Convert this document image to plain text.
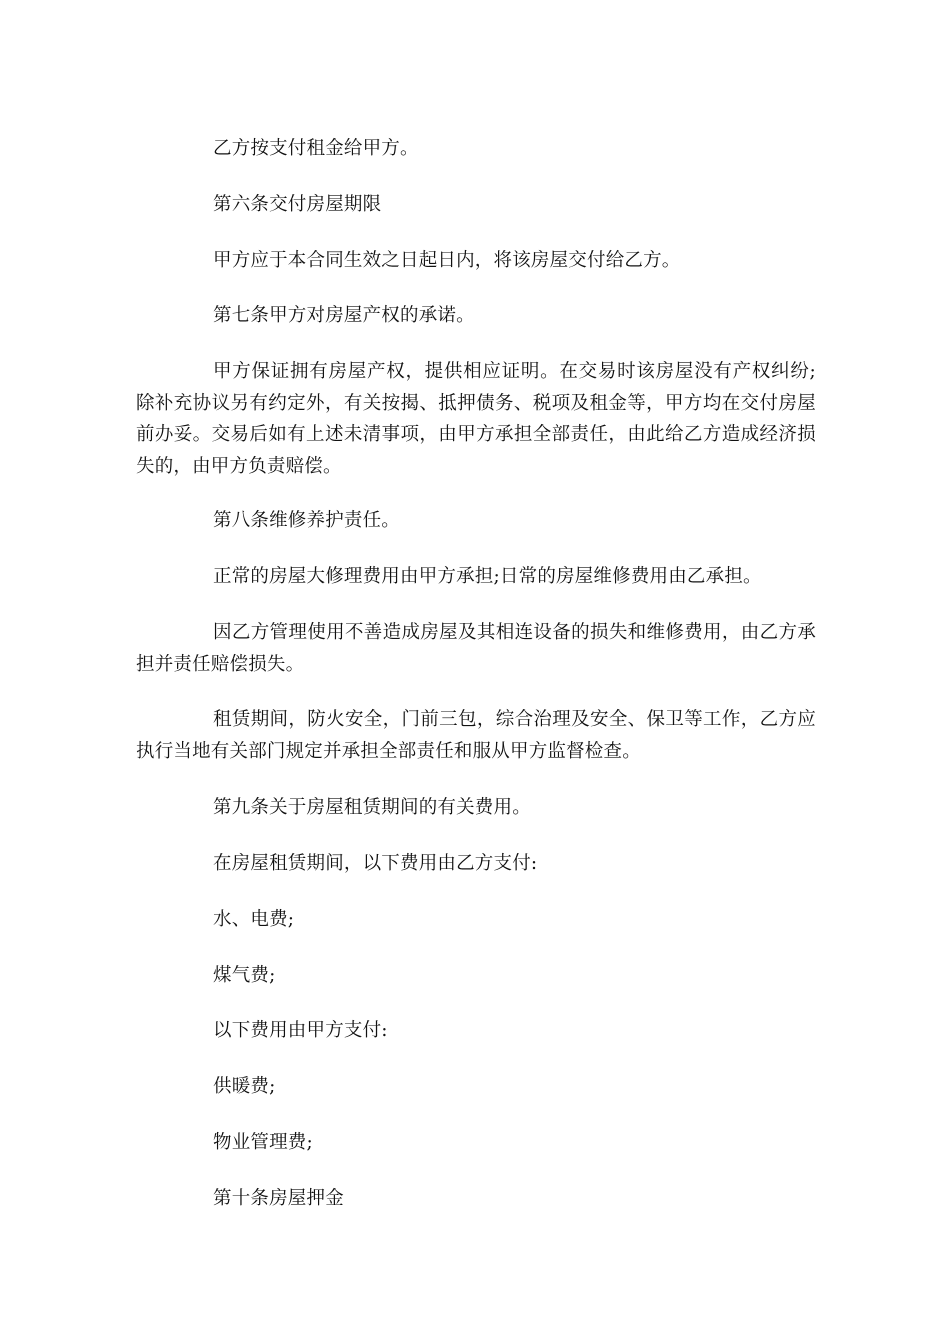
乙方按支付租金给甲方。

第六条交付房屋期限

甲方应于本合同生效之日起日内，将该房屋交付给乙方。

第七条甲方对房屋产权的承诺。

甲方保证拥有房屋产权，提供相应证明。在交易时该房屋没有产权纠纷;除补充协议另有约定外，有关按揭、抵押债务、税项及租金等，甲方均在交付房屋前办妥。交易后如有上述未清事项，由甲方承担全部责任，由此给乙方造成经济损失的，由甲方负责赔偿。

第八条维修养护责任。

正常的房屋大修理费用由甲方承担;日常的房屋维修费用由乙承担。

因乙方管理使用不善造成房屋及其相连设备的损失和维修费用，由乙方承担并责任赔偿损失。

租赁期间，防火安全，门前三包，综合治理及安全、保卫等工作，乙方应执行当地有关部门规定并承担全部责任和服从甲方监督检查。

第九条关于房屋租赁期间的有关费用。

在房屋租赁期间，以下费用由乙方支付:

水、电费;

煤气费;

以下费用由甲方支付:

供暖费;

物业管理费;

第十条房屋押金
